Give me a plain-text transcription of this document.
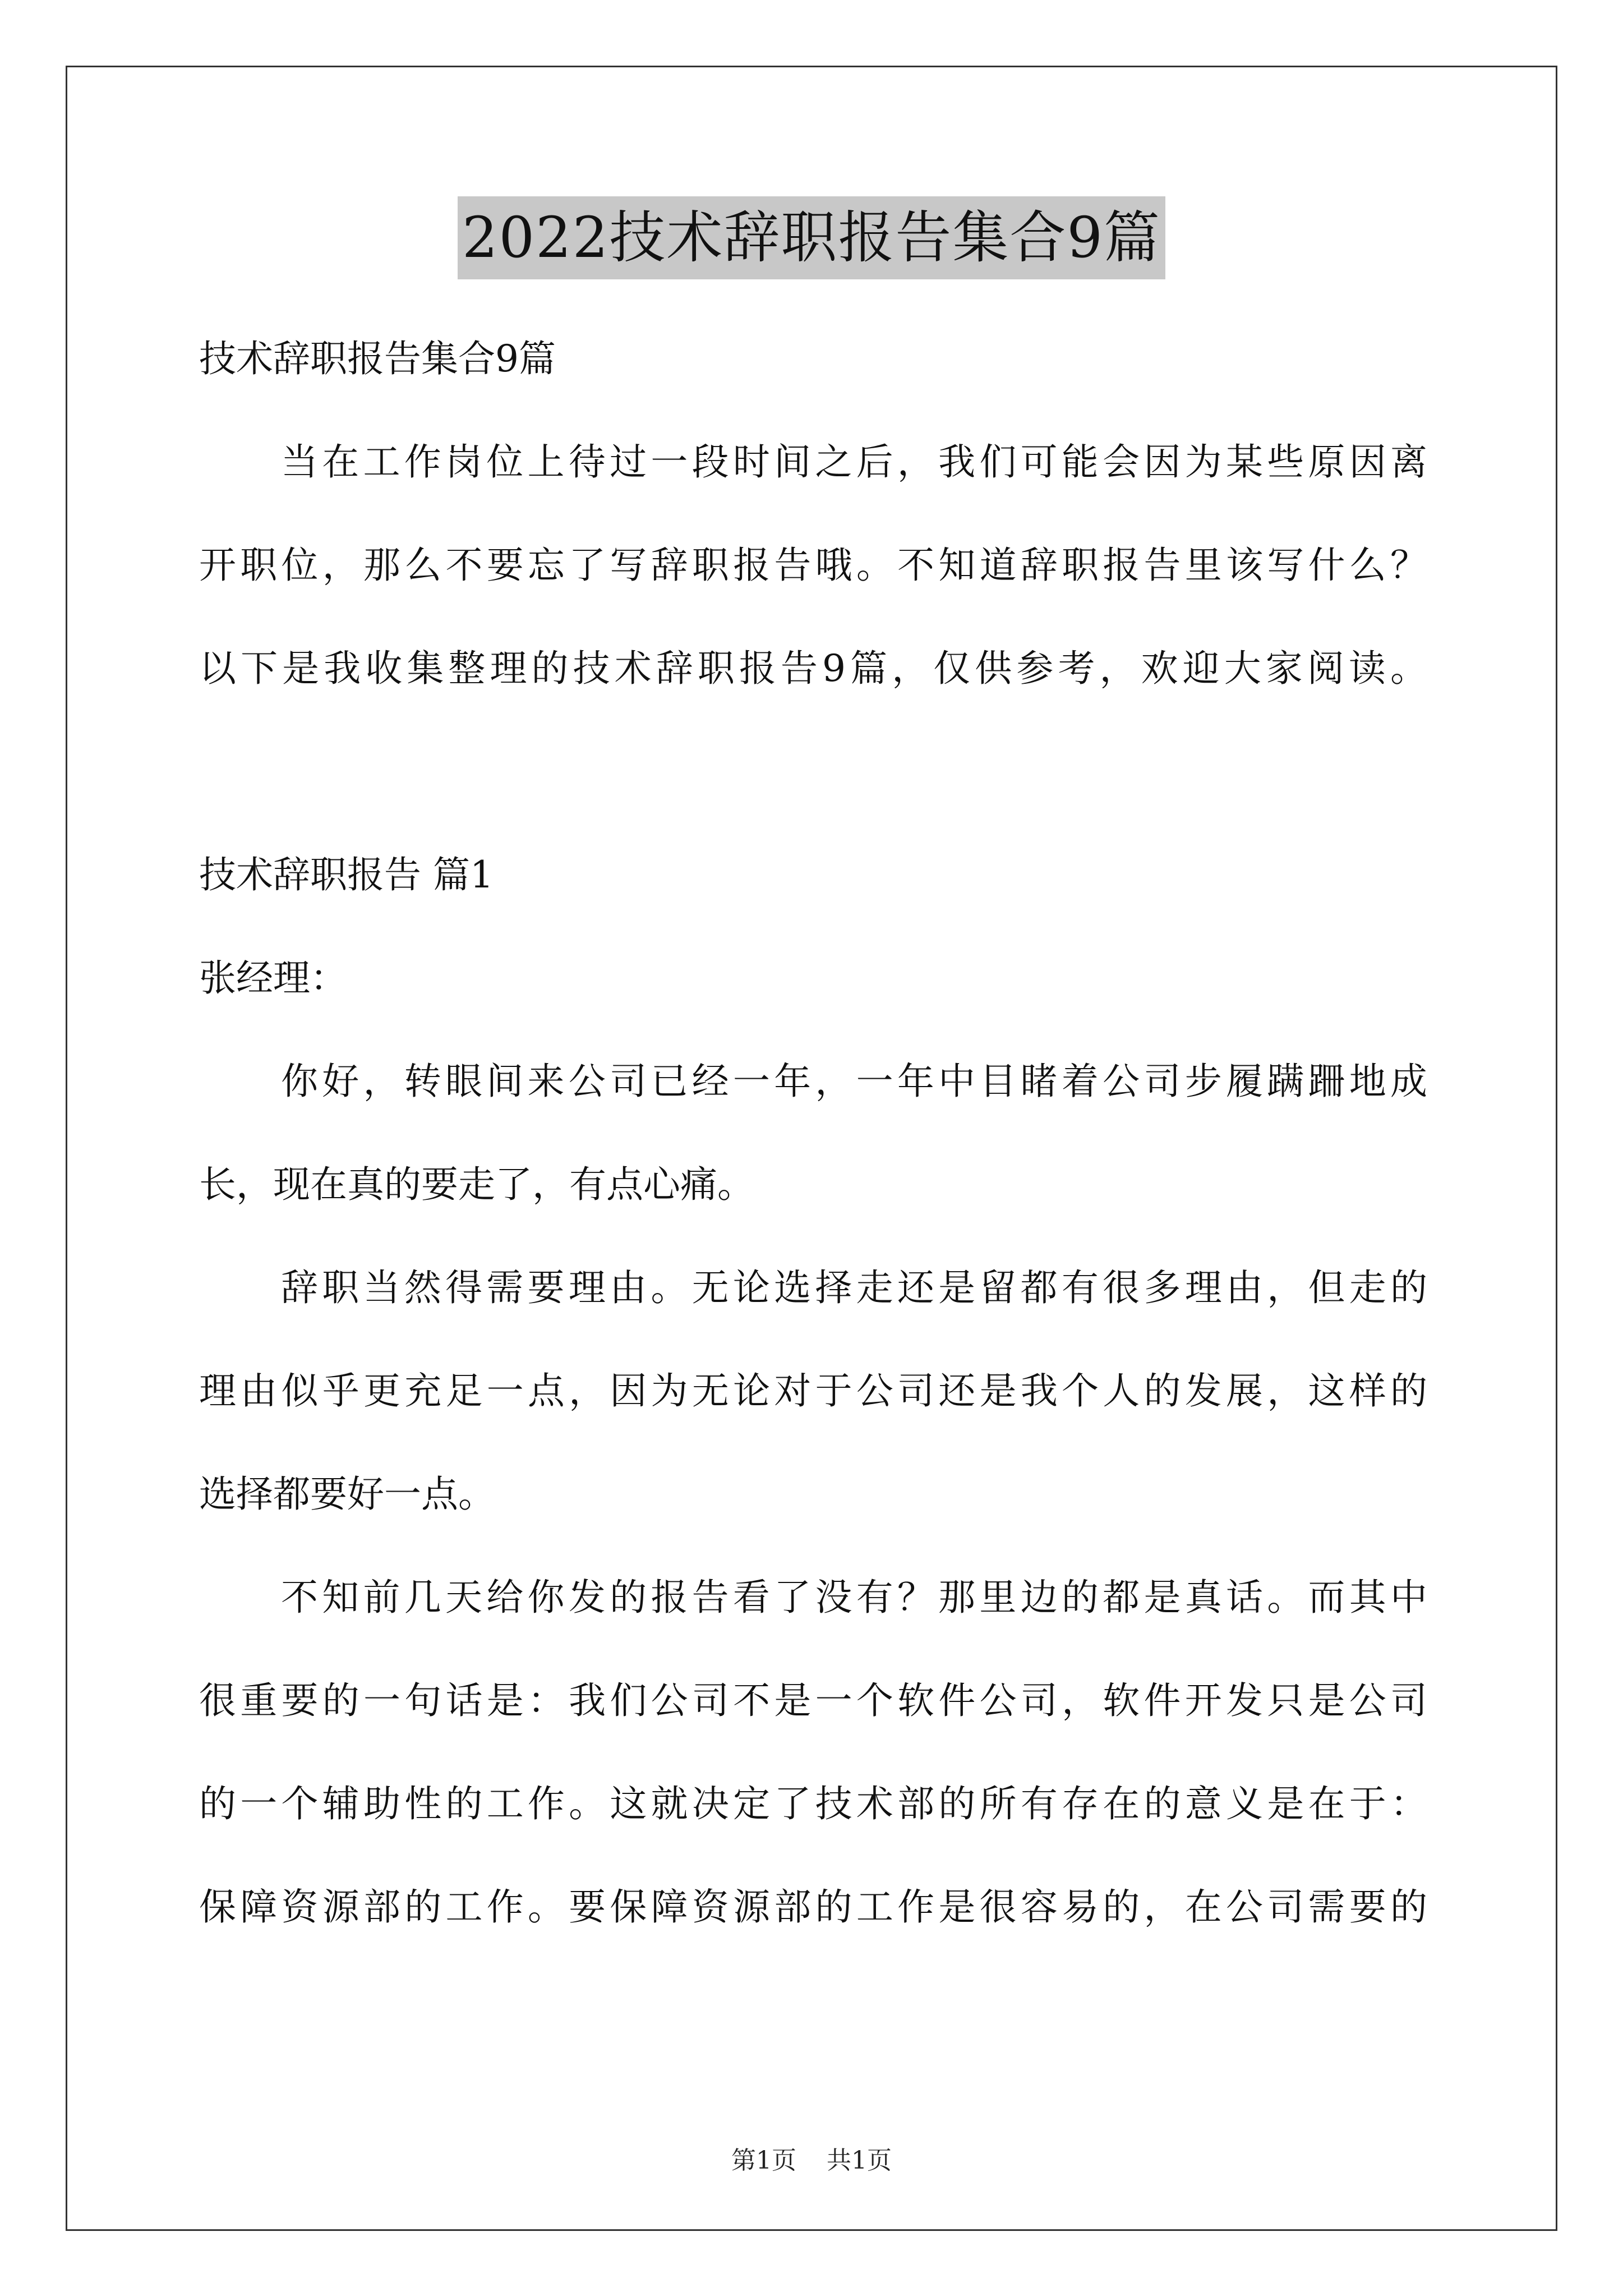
2022技术辞职报告集合9篇
技术辞职报告集合9篇
当在工作岗位上待过一段时间之后，我们可能会因为某些原因离
开职位，那么不要忘了写辞职报告哦。不知道辞职报告里该写什么？
以下是我收集整理的技术辞职报告9篇，仅供参考，欢迎大家阅读。
技术辞职报告 篇1
张经理：
你好，转眼间来公司已经一年，一年中目睹着公司步履蹒跚地成
长，现在真的要走了，有点心痛。
辞职当然得需要理由。无论选择走还是留都有很多理由，但走的
理由似乎更充足一点，因为无论对于公司还是我个人的发展，这样的
选择都要好一点。
不知前几天给你发的报告看了没有？那里边的都是真话。而其中
很重要的一句话是：我们公司不是一个软件公司，软件开发只是公司
的一个辅助性的工作。这就决定了技术部的所有存在的意义是在于：
保障资源部的工作。要保障资源部的工作是很容易的，在公司需要的
第1页 共1页
